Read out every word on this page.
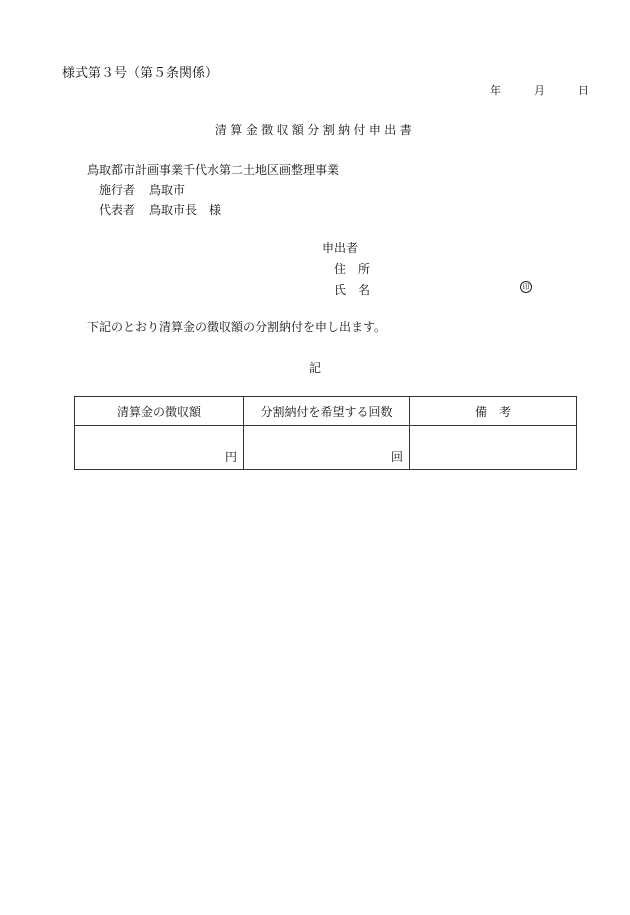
様式第３号（第５条関係）
年	月	日
清算金徴収額分割納付申出書
鳥取都市計画事業千代水第二土地区画整理事業
施行者 鳥取市
代表者 鳥取市長　 様
申出者
住　所
氏　名	印
下記のとおり清算金の徴収額の分割納付を申し出ます。
記
清算金の徴収額	分割納付を希望する回数	備　考
円	回	
